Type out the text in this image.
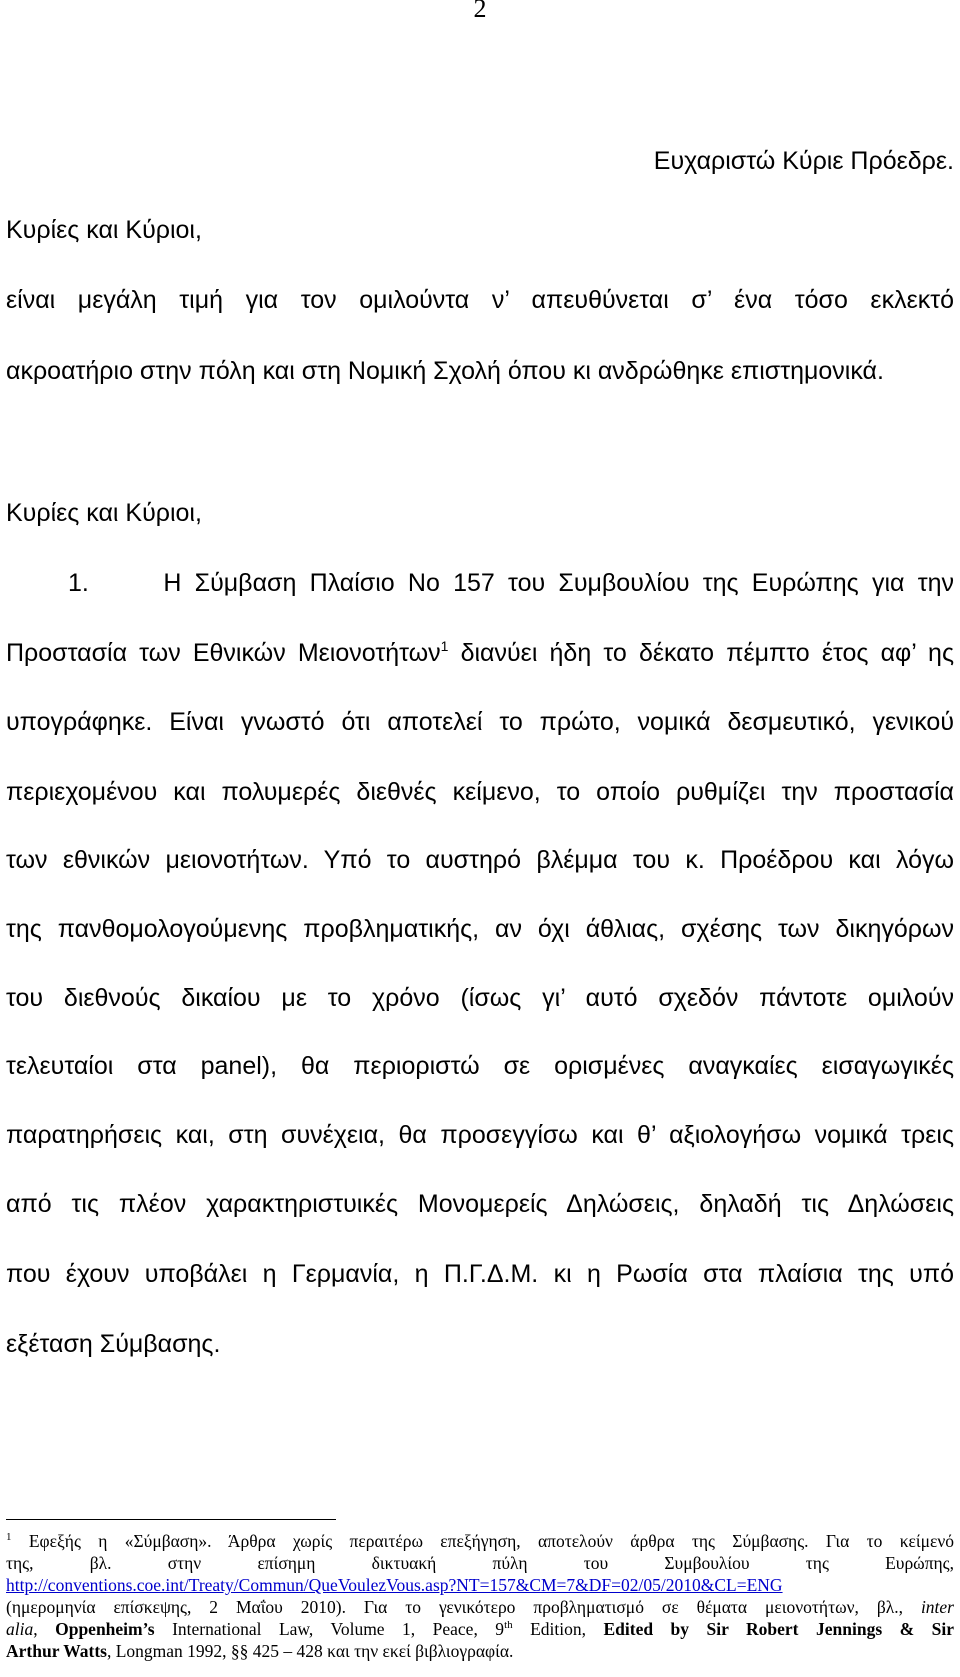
2
Ευχαριστώ Κύριε Πρόεδρε.
Κυρίες και Κύριοι,
είναι μεγάλη τιμή για τον ομιλούντα ν’ απευθύνεται σ’ ένα τόσο εκλεκτό
ακροατήριο στην πόλη και στη Νομική Σχολή όπου κι ανδρώθηκε επιστημονικά.
Κυρίες και Κύριοι,
1.	Η Σύμβαση Πλαίσιο Νο 157 του Συμβουλίου της Ευρώπης για την
Προστασία των Εθνικών Μειονοτήτων$^1$ διανύει ήδη το δέκατο πέμπτο έτος αφ’ ης
υπογράφηκε. Είναι γνωστό ότι αποτελεί το πρώτο, νομικά δεσμευτικό, γενικού
περιεχομένου και πολυμερές διεθνές κείμενο, το οποίο ρυθμίζει την προστασία
των εθνικών μειονοτήτων. Υπό το αυστηρό βλέμμα του κ. Προέδρου και λόγω
της πανθομολογούμενης προβληματικής, αν όχι άθλιας, σχέσης των δικηγόρων
του διεθνούς δικαίου με το χρόνο (ίσως γι’ αυτό σχεδόν πάντοτε ομιλούν
τελευταίοι στα panel), θα περιοριστώ σε ορισμένες αναγκαίες εισαγωγικές
παρατηρήσεις και, στη συνέχεια, θα προσεγγίσω και θ’ αξιολογήσω νομικά τρεις
από τις πλέον χαρακτηριστυικές Μονομερείς Δηλώσεις, δηλαδή τις Δηλώσεις
που έχουν υποβάλει η Γερμανία, η Π.Γ.Δ.Μ. κι η Ρωσία στα πλαίσια της υπό
εξέταση Σύμβασης.
$^1$ Εφεξής η «Σύμβαση». Άρθρα χωρίς περαιτέρω επεξήγηση, αποτελούν άρθρα της Σύμβασης. Για το κείμενό
της, βλ. στην επίσημη δικτυακή πύλη του Συμβουλίου της Ευρώπης,
http://conventions.coe.int/Treaty/Commun/QueVoulezVous.asp?NT=157&CM=7&DF=02/05/2010&CL=ENG
(ημερομηνία επίσκεψης, 2 Μαΐου 2010). Για το γενικότερο προβληματισμό σε θέματα μειονοτήτων, βλ., inter
alia, Oppenheim’s International Law, Volume 1, Peace, 9th Edition, Edited by Sir Robert Jennings & Sir
Arthur Watts, Longman 1992, §§ 425 – 428 και την εκεί βιβλιογραφία.
